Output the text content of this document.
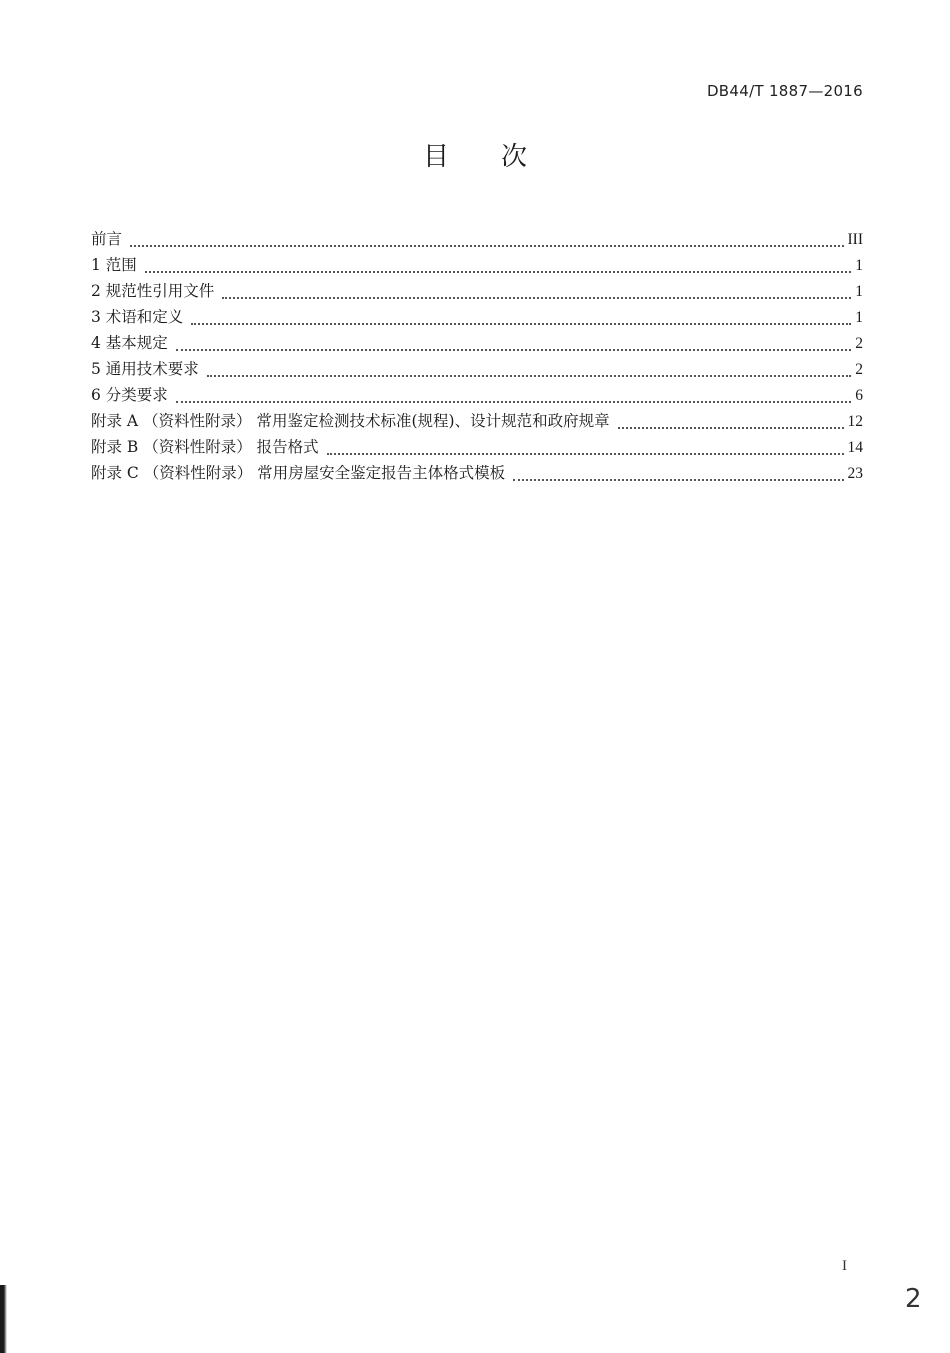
DB44/T 1887—2016
目次
前言	III
1 范围	1
2 规范性引用文件	1
3 术语和定义	1
4 基本规定	2
5 通用技术要求	2
6 分类要求	6
附录 A （资料性附录） 常用鉴定检测技术标准(规程)、设计规范和政府规章	12
附录 B （资料性附录） 报告格式	14
附录 C （资料性附录） 常用房屋安全鉴定报告主体格式模板	23
I
2
